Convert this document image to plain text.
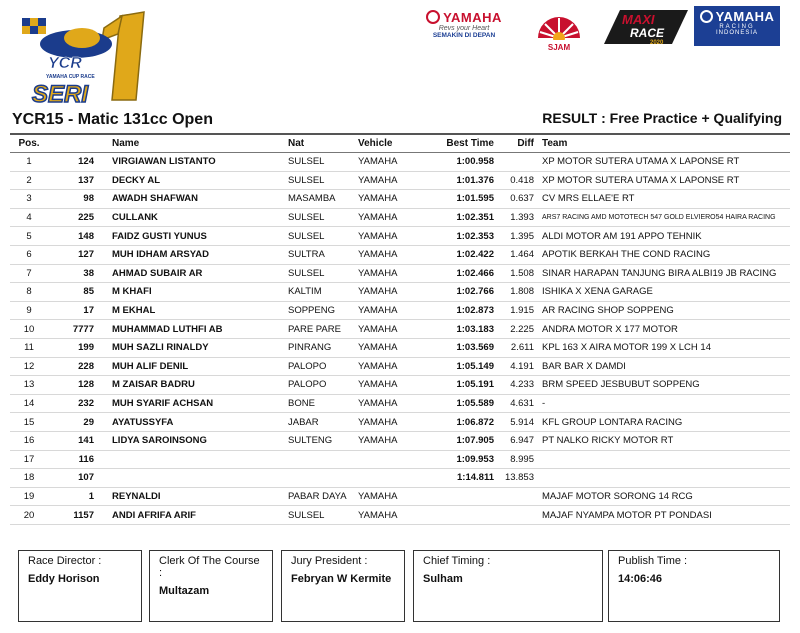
YCR
YAMAHA CUP RACE
SERI
1
YAMAHA
Revs your Heart
SEMAKIN DI DEPAN
SJAM
MAXI
RACE
2020
YAMAHA
RACING
INDONESIA
YCR15 - Matic 131cc Open	RESULT : Free Practice + Qualifying
Pos.		Name	Nat	Vehicle	Best Time	Diff	Team
1	124	VIRGIAWAN LISTANTO	SULSEL	YAMAHA	1:00.958		XP MOTOR SUTERA UTAMA X LAPONSE RT
2	137	DECKY AL	SULSEL	YAMAHA	1:01.376	0.418	XP MOTOR SUTERA UTAMA X LAPONSE RT
3	98	AWADH SHAFWAN	MASAMBA	YAMAHA	1:01.595	0.637	CV MRS ELLAE'E RT
4	225	CULLANK	SULSEL	YAMAHA	1:02.351	1.393	ARS7 RACING AMD MOTOTECH 547 GOLD ELVIERO54 HAIRA RACING
5	148	FAIDZ GUSTI YUNUS	SULSEL	YAMAHA	1:02.353	1.395	ALDI MOTOR AM 191 APPO TEHNIK
6	127	MUH IDHAM ARSYAD	SULTRA	YAMAHA	1:02.422	1.464	APOTIK BERKAH THE COND RACING
7	38	AHMAD SUBAIR AR	SULSEL	YAMAHA	1:02.466	1.508	SINAR HARAPAN TANJUNG BIRA ALBI19 JB RACING
8	85	M KHAFI	KALTIM	YAMAHA	1:02.766	1.808	ISHIKA X XENA GARAGE
9	17	M EKHAL	SOPPENG	YAMAHA	1:02.873	1.915	AR RACING SHOP SOPPENG
10	7777	MUHAMMAD LUTHFI AB	PARE PARE	YAMAHA	1:03.183	2.225	ANDRA MOTOR X 177 MOTOR
11	199	MUH SAZLI RINALDY	PINRANG	YAMAHA	1:03.569	2.611	KPL 163 X AIRA MOTOR 199 X LCH 14
12	228	MUH ALIF DENIL	PALOPO	YAMAHA	1:05.149	4.191	BAR BAR X DAMDI
13	128	M ZAISAR BADRU	PALOPO	YAMAHA	1:05.191	4.233	BRM SPEED JESBUBUT SOPPENG
14	232	MUH SYARIF ACHSAN	BONE	YAMAHA	1:05.589	4.631	-
15	29	AYATUSSYFA	JABAR	YAMAHA	1:06.872	5.914	KFL GROUP LONTARA RACING
16	141	LIDYA SAROINSONG	SULTENG	YAMAHA	1:07.905	6.947	PT NALKO RICKY MOTOR RT
17	116				1:09.953	8.995	
18	107				1:14.811	13.853	
19	1	REYNALDI	PABAR DAYA	YAMAHA			MAJAF MOTOR SORONG 14 RCG
20	1157	ANDI AFRIFA ARIF	SULSEL	YAMAHA			MAJAF NYAMPA MOTOR PT PONDASI
Race Director :
Eddy Horison
Clerk Of The Course :
Multazam
Jury President :
Febryan W Kermite
Chief Timing :
Sulham
Publish Time :
14:06:46
